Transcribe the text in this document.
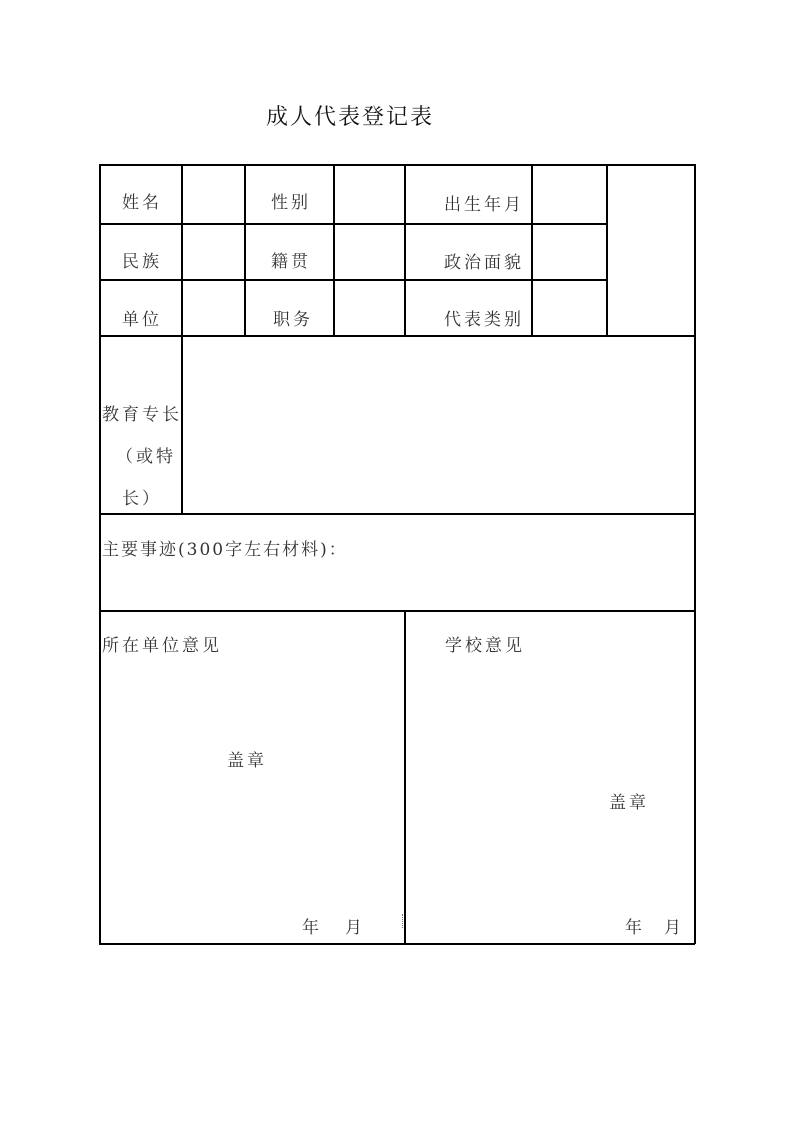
成人代表登记表
姓名	性别	出生年月
民族	籍贯	政治面貌
单位	职务	代表类别
教育专长
（或特
长）
主要事迹(300字左右材料)：
所在单位意见
盖章
年 月
学校意见
盖章
年 月
